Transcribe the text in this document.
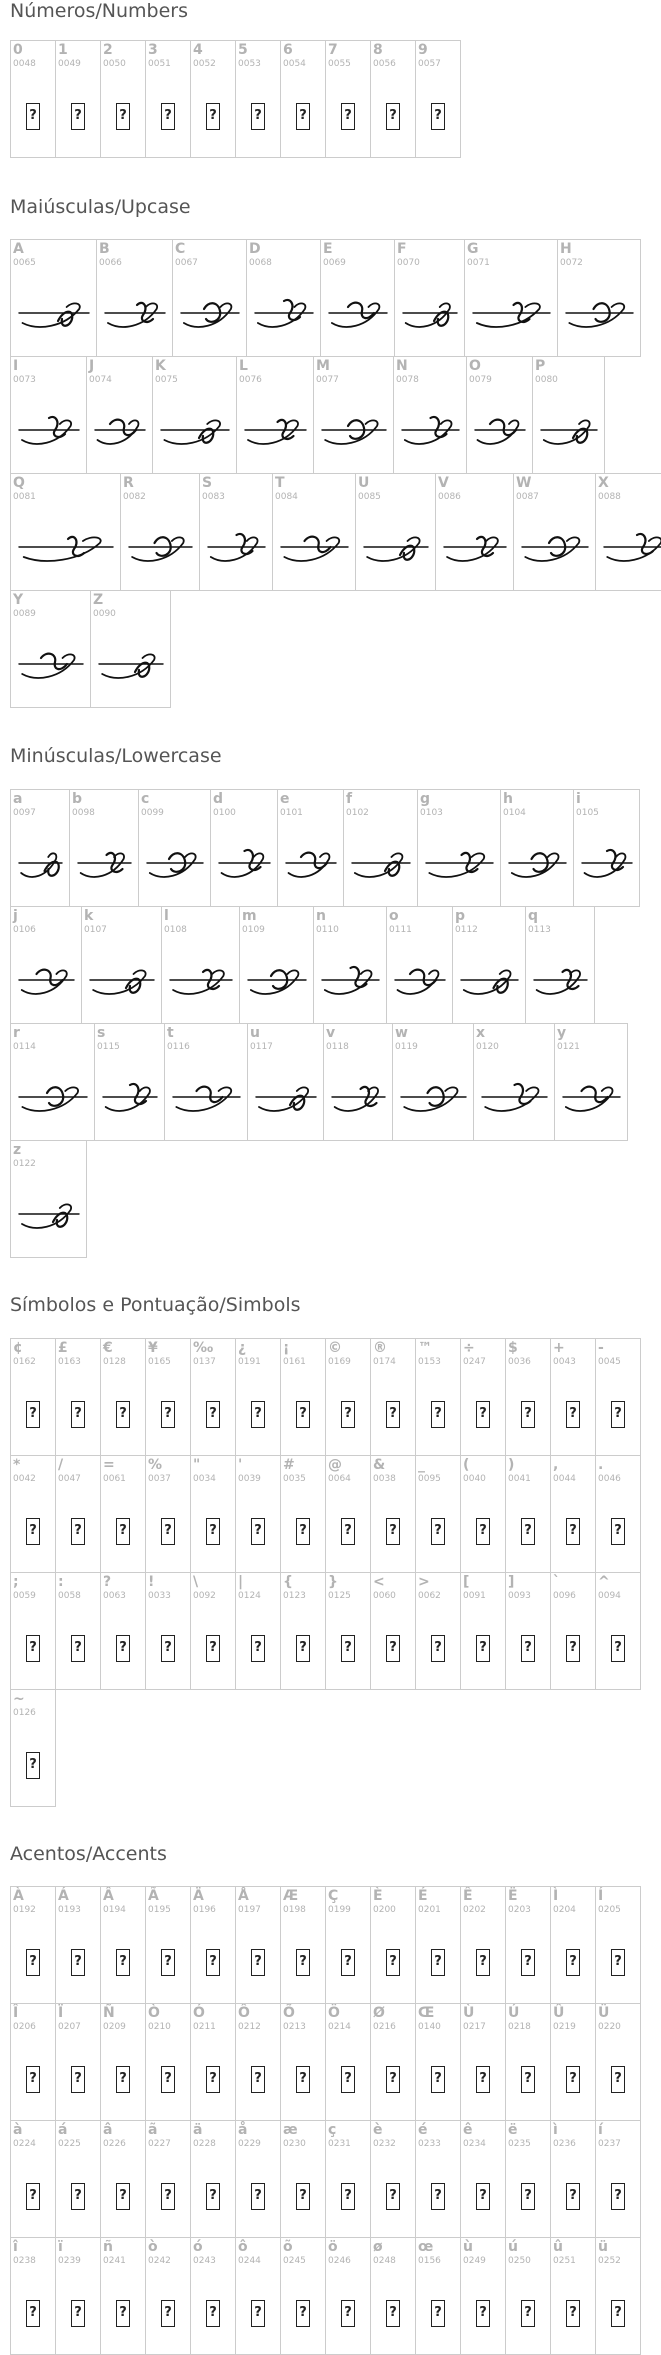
Números/Numbers
0
0048
?
1
0049
?
2
0050
?
3
0051
?
4
0052
?
5
0053
?
6
0054
?
7
0055
?
8
0056
?
9
0057
?
Maiúsculas/Upcase
A
0065
B
0066
C
0067
D
0068
E
0069
F
0070
G
0071
H
0072
I
0073
J
0074
K
0075
L
0076
M
0077
N
0078
O
0079
P
0080
Q
0081
R
0082
S
0083
T
0084
U
0085
V
0086
W
0087
X
0088
Y
0089
Z
0090
Minúsculas/Lowercase
a
0097
b
0098
c
0099
d
0100
e
0101
f
0102
g
0103
h
0104
i
0105
j
0106
k
0107
l
0108
m
0109
n
0110
o
0111
p
0112
q
0113
r
0114
s
0115
t
0116
u
0117
v
0118
w
0119
x
0120
y
0121
z
0122
Símbolos e Pontuação/Simbols
¢
0162
?
£
0163
?
€
0128
?
¥
0165
?
‰
0137
?
¿
0191
?
¡
0161
?
©
0169
?
®
0174
?
™
0153
?
÷
0247
?
$
0036
?
+
0043
?
-
0045
?
*
0042
?
/
0047
?
=
0061
?
%
0037
?
"
0034
?
'
0039
?
#
0035
?
@
0064
?
&
0038
?
_
0095
?
(
0040
?
)
0041
?
,
0044
?
.
0046
?
;
0059
?
:
0058
?
?
0063
?
!
0033
?
\
0092
?
|
0124
?
{
0123
?
}
0125
?
<
0060
?
>
0062
?
[
0091
?
]
0093
?
`
0096
?
^
0094
?
~
0126
?
Acentos/Accents
À
0192
?
Á
0193
?
Â
0194
?
Ã
0195
?
Ä
0196
?
Å
0197
?
Æ
0198
?
Ç
0199
?
È
0200
?
É
0201
?
Ê
0202
?
Ë
0203
?
Ì
0204
?
Í
0205
?
Î
0206
?
Ï
0207
?
Ñ
0209
?
Ò
0210
?
Ó
0211
?
Ô
0212
?
Õ
0213
?
Ö
0214
?
Ø
0216
?
Œ
0140
?
Ù
0217
?
Ú
0218
?
Û
0219
?
Ü
0220
?
à
0224
?
á
0225
?
â
0226
?
ã
0227
?
ä
0228
?
å
0229
?
æ
0230
?
ç
0231
?
è
0232
?
é
0233
?
ê
0234
?
ë
0235
?
ì
0236
?
í
0237
?
î
0238
?
ï
0239
?
ñ
0241
?
ò
0242
?
ó
0243
?
ô
0244
?
õ
0245
?
ö
0246
?
ø
0248
?
œ
0156
?
ù
0249
?
ú
0250
?
û
0251
?
ü
0252
?
